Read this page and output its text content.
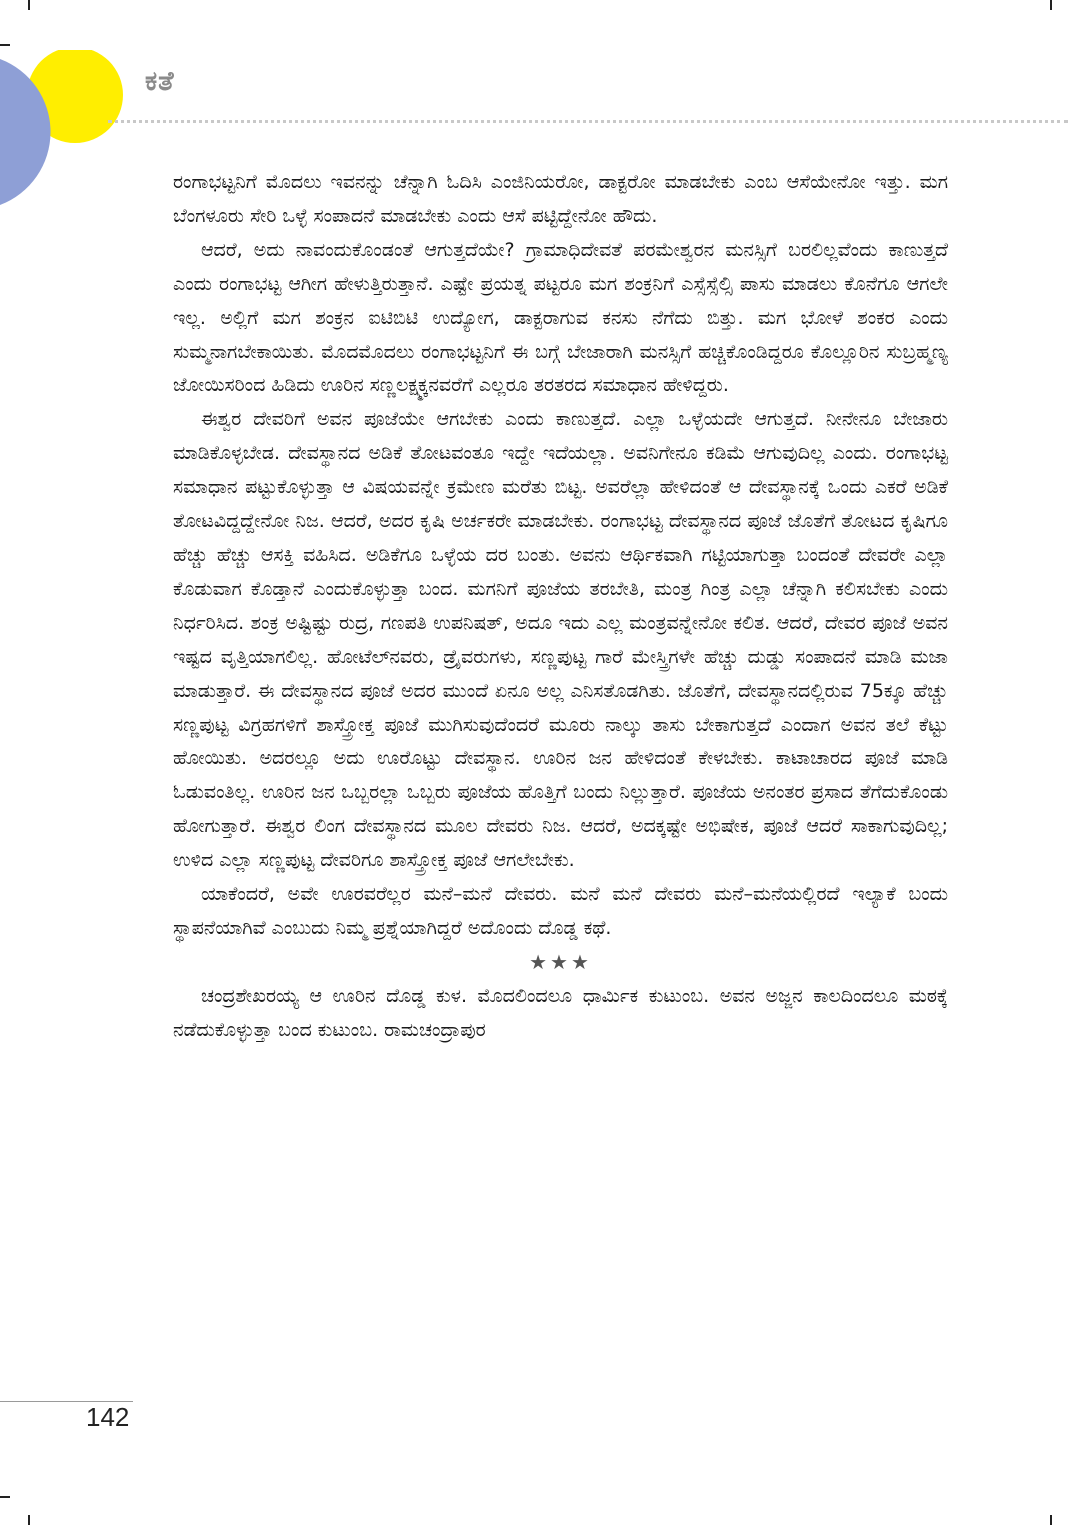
ಕತೆ

ರಂಗಾಭಟ್ಟನಿಗೆ ಮೊದಲು ಇವನನ್ನು ಚೆನ್ನಾಗಿ ಓದಿಸಿ ಎಂಜಿನಿಯರೋ, ಡಾಕ್ಟರೋ ಮಾಡಬೇಕು ಎಂಬ ಆಸೆಯೇನೋ ಇತ್ತು. ಮಗ ಬೆಂಗಳೂರು ಸೇರಿ ಒಳ್ಳೆ ಸಂಪಾದನೆ ಮಾಡಬೇಕು ಎಂದು ಆಸೆ ಪಟ್ಟಿದ್ದೇನೋ ಹೌದು.

ಆದರೆ, ಅದು ನಾವಂದುಕೊಂಡಂತೆ ಆಗುತ್ತದೆಯೇ? ಗ್ರಾಮಾಧಿದೇವತೆ ಪರಮೇಶ್ವರನ ಮನಸ್ಸಿಗೆ ಬರಲಿಲ್ಲವೆಂದು ಕಾಣುತ್ತದೆ ಎಂದು ರಂಗಾಭಟ್ಟ ಆಗೀಗ ಹೇಳುತ್ತಿರುತ್ತಾನೆ. ಎಷ್ಟೇ ಪ್ರಯತ್ನ ಪಟ್ಟರೂ ಮಗ ಶಂಕ್ರನಿಗೆ ಎಸ್ಸೆಸ್ಸೆಲ್ಸಿ ಪಾಸು ಮಾಡಲು ಕೊನೆಗೂ ಆಗಲೇ ಇಲ್ಲ. ಅಲ್ಲಿಗೆ ಮಗ ಶಂಕ್ರನ ಐಟಿಬಿಟಿ ಉದ್ಯೋಗ, ಡಾಕ್ಟರಾಗುವ ಕನಸು ನೆಗೆದು ಬಿತ್ತು. ಮಗ ಭೋಳೆ ಶಂಕರ ಎಂದು ಸುಮ್ಮನಾಗಬೇಕಾಯಿತು. ಮೊದಮೊದಲು ರಂಗಾಭಟ್ಟನಿಗೆ ಈ ಬಗ್ಗೆ ಬೇಜಾರಾಗಿ ಮನಸ್ಸಿಗೆ ಹಚ್ಚಿಕೊಂಡಿದ್ದರೂ ಕೊಲ್ಲೂರಿನ ಸುಬ್ರಹ್ಮಣ್ಯ ಜೋಯಿಸರಿಂದ ಹಿಡಿದು ಊರಿನ ಸಣ್ಣಲಕ್ಷ್ಮಕ್ಕನವರೆಗೆ ಎಲ್ಲರೂ ತರತರದ ಸಮಾಧಾನ ಹೇಳಿದ್ದರು.

ಈಶ್ವರ ದೇವರಿಗೆ ಅವನ ಪೂಜೆಯೇ ಆಗಬೇಕು ಎಂದು ಕಾಣುತ್ತದೆ. ಎಲ್ಲಾ ಒಳ್ಳೆಯದೇ ಆಗುತ್ತದೆ. ನೀನೇನೂ ಬೇಜಾರು ಮಾಡಿಕೊಳ್ಳಬೇಡ. ದೇವಸ್ಥಾನದ ಅಡಿಕೆ ತೋಟವಂತೂ ಇದ್ದೇ ಇದೆಯಲ್ಲಾ. ಅವನಿಗೇನೂ ಕಡಿಮೆ ಆಗುವುದಿಲ್ಲ ಎಂದು. ರಂಗಾಭಟ್ಟ ಸಮಾಧಾನ ಪಟ್ಟುಕೊಳ್ಳುತ್ತಾ ಆ ವಿಷಯವನ್ನೇ ಕ್ರಮೇಣ ಮರೆತು ಬಿಟ್ಟ. ಅವರೆಲ್ಲಾ ಹೇಳಿದಂತೆ ಆ ದೇವಸ್ಥಾನಕ್ಕೆ ಒಂದು ಎಕರೆ ಅಡಿಕೆ ತೋಟವಿದ್ದದ್ದೇನೋ ನಿಜ. ಆದರೆ, ಅದರ ಕೃಷಿ ಅರ್ಚಕರೇ ಮಾಡಬೇಕು. ರಂಗಾಭಟ್ಟ ದೇವಸ್ಥಾನದ ಪೂಜೆ ಜೊತೆಗೆ ತೋಟದ ಕೃಷಿಗೂ ಹೆಚ್ಚು ಹೆಚ್ಚು ಆಸಕ್ತಿ ವಹಿಸಿದ. ಅಡಿಕೆಗೂ ಒಳ್ಳೆಯ ದರ ಬಂತು. ಅವನು ಆರ್ಥಿಕವಾಗಿ ಗಟ್ಟಿಯಾಗುತ್ತಾ ಬಂದಂತೆ ದೇವರೇ ಎಲ್ಲಾ ಕೊಡುವಾಗ ಕೊಡ್ತಾನೆ ಎಂದುಕೊಳ್ಳುತ್ತಾ ಬಂದ. ಮಗನಿಗೆ ಪೂಜೆಯ ತರಬೇತಿ, ಮಂತ್ರ ಗಿಂತ್ರ ಎಲ್ಲಾ ಚೆನ್ನಾಗಿ ಕಲಿಸಬೇಕು ಎಂದು ನಿರ್ಧರಿಸಿದ. ಶಂಕ್ರ ಅಷ್ಟಿಷ್ಟು ರುದ್ರ, ಗಣಪತಿ ಉಪನಿಷತ್, ಅದೂ ಇದು ಎಲ್ಲ ಮಂತ್ರವನ್ನೇನೋ ಕಲಿತ. ಆದರೆ, ದೇವರ ಪೂಜೆ ಅವನ ಇಷ್ಟದ ವೃತ್ತಿಯಾಗಲಿಲ್ಲ. ಹೋಟೆಲ್‍ನವರು, ಡ್ರೈವರುಗಳು, ಸಣ್ಣಪುಟ್ಟ ಗಾರೆ ಮೇಸ್ತ್ರಿಗಳೇ ಹೆಚ್ಚು ದುಡ್ಡು ಸಂಪಾದನೆ ಮಾಡಿ ಮಜಾ ಮಾಡುತ್ತಾರೆ. ಈ ದೇವಸ್ಥಾನದ ಪೂಜೆ ಅದರ ಮುಂದೆ ಏನೂ ಅಲ್ಲ ಎನಿಸತೊಡಗಿತು. ಜೊತೆಗೆ, ದೇವಸ್ಥಾನದಲ್ಲಿರುವ 75ಕ್ಕೂ ಹೆಚ್ಚು ಸಣ್ಣಪುಟ್ಟ ವಿಗ್ರಹಗಳಿಗೆ ಶಾಸ್ತ್ರೋಕ್ತ ಪೂಜೆ ಮುಗಿಸುವುದೆಂದರೆ ಮೂರು ನಾಲ್ಕು ತಾಸು ಬೇಕಾಗುತ್ತದೆ ಎಂದಾಗ ಅವನ ತಲೆ ಕೆಟ್ಟು ಹೋಯಿತು. ಅದರಲ್ಲೂ ಅದು ಊರೊಟ್ಟು ದೇವಸ್ಥಾನ. ಊರಿನ ಜನ ಹೇಳಿದಂತೆ ಕೇಳಬೇಕು. ಕಾಟಾಚಾರದ ಪೂಜೆ ಮಾಡಿ ಓಡುವಂತಿಲ್ಲ. ಊರಿನ ಜನ ಒಬ್ಬರಲ್ಲಾ ಒಬ್ಬರು ಪೂಜೆಯ ಹೊತ್ತಿಗೆ ಬಂದು ನಿಲ್ಲುತ್ತಾರೆ. ಪೂಜೆಯ ಅನಂತರ ಪ್ರಸಾದ ತೆಗೆದುಕೊಂಡು ಹೋಗುತ್ತಾರೆ. ಈಶ್ವರ ಲಿಂಗ ದೇವಸ್ಥಾನದ ಮೂಲ ದೇವರು ನಿಜ. ಆದರೆ, ಅದಕ್ಕಷ್ಟೇ ಅಭಿಷೇಕ, ಪೂಜೆ ಆದರೆ ಸಾಕಾಗುವುದಿಲ್ಲ; ಉಳಿದ ಎಲ್ಲಾ ಸಣ್ಣಪುಟ್ಟ ದೇವರಿಗೂ ಶಾಸ್ತ್ರೋಕ್ತ ಪೂಜೆ ಆಗಲೇಬೇಕು.

ಯಾಕೆಂದರೆ, ಅವೇ ಊರವರೆಲ್ಲರ ಮನೆ–ಮನೆ ದೇವರು. ಮನೆ ಮನೆ ದೇವರು ಮನೆ–ಮನೆಯಲ್ಲಿರದೆ ಇಲ್ಯಾಕೆ ಬಂದು ಸ್ಥಾಪನೆಯಾಗಿವೆ ಎಂಬುದು ನಿಮ್ಮ ಪ್ರಶ್ನೆಯಾಗಿದ್ದರೆ ಅದೊಂದು ದೊಡ್ಡ ಕಥೆ.

★★★

ಚಂದ್ರಶೇಖರಯ್ಯ ಆ ಊರಿನ ದೊಡ್ಡ ಕುಳ. ಮೊದಲಿಂದಲೂ ಧಾರ್ಮಿಕ ಕುಟುಂಬ. ಅವನ ಅಜ್ಜನ ಕಾಲದಿಂದಲೂ ಮಠಕ್ಕೆ ನಡೆದುಕೊಳ್ಳುತ್ತಾ ಬಂದ ಕುಟುಂಬ. ರಾಮಚಂದ್ರಾಪುರ

142
